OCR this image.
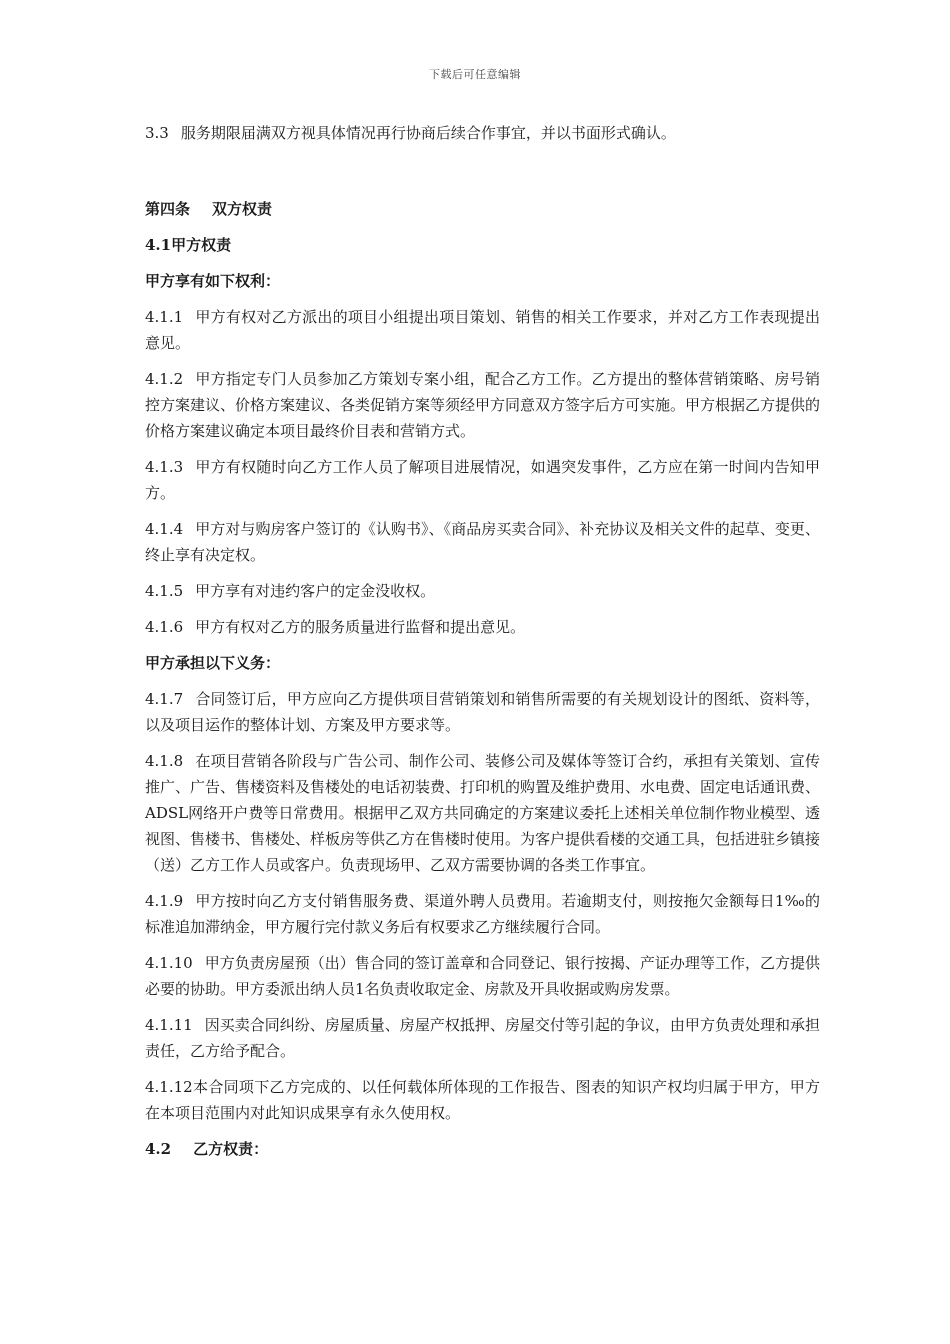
下载后可任意编辑

3.3 服务期限届满双方视具体情况再行协商后续合作事宜，并以书面形式确认。

第四条 双方权责

4.1甲方权责

甲方享有如下权利：

4.1.1 甲方有权对乙方派出的项目小组提出项目策划、销售的相关工作要求，并对乙方工作表现提出意见。

4.1.2 甲方指定专门人员参加乙方策划专案小组，配合乙方工作。乙方提出的整体营销策略、房号销控方案建议、价格方案建议、各类促销方案等须经甲方同意双方签字后方可实施。甲方根据乙方提供的价格方案建议确定本项目最终价目表和营销方式。

4.1.3 甲方有权随时向乙方工作人员了解项目进展情况，如遇突发事件，乙方应在第一时间内告知甲方。

4.1.4 甲方对与购房客户签订的《认购书》、《商品房买卖合同》、补充协议及相关文件的起草、变更、终止享有决定权。

4.1.5 甲方享有对违约客户的定金没收权。

4.1.6 甲方有权对乙方的服务质量进行监督和提出意见。

甲方承担以下义务：

4.1.7 合同签订后，甲方应向乙方提供项目营销策划和销售所需要的有关规划设计的图纸、资料等，以及项目运作的整体计划、方案及甲方要求等。

4.1.8 在项目营销各阶段与广告公司、制作公司、装修公司及媒体等签订合约，承担有关策划、宣传推广、广告、售楼资料及售楼处的电话初装费、打印机的购置及维护费用、水电费、固定电话通讯费、ADSL网络开户费等日常费用。根据甲乙双方共同确定的方案建议委托上述相关单位制作物业模型、透视图、售楼书、售楼处、样板房等供乙方在售楼时使用。为客户提供看楼的交通工具，包括进驻乡镇接（送）乙方工作人员或客户。负责现场甲、乙双方需要协调的各类工作事宜。

4.1.9 甲方按时向乙方支付销售服务费、渠道外聘人员费用。若逾期支付，则按拖欠金额每日1‰的标准追加滞纳金，甲方履行完付款义务后有权要求乙方继续履行合同。

4.1.10 甲方负责房屋预（出）售合同的签订盖章和合同登记、银行按揭、产证办理等工作，乙方提供必要的协助。甲方委派出纳人员1名负责收取定金、房款及开具收据或购房发票。

4.1.11 因买卖合同纠纷、房屋质量、房屋产权抵押、房屋交付等引起的争议，由甲方负责处理和承担责任，乙方给予配合。

4.1.12本合同项下乙方完成的、以任何载体所体现的工作报告、图表的知识产权均归属于甲方，甲方在本项目范围内对此知识成果享有永久使用权。

4.2 乙方权责：
